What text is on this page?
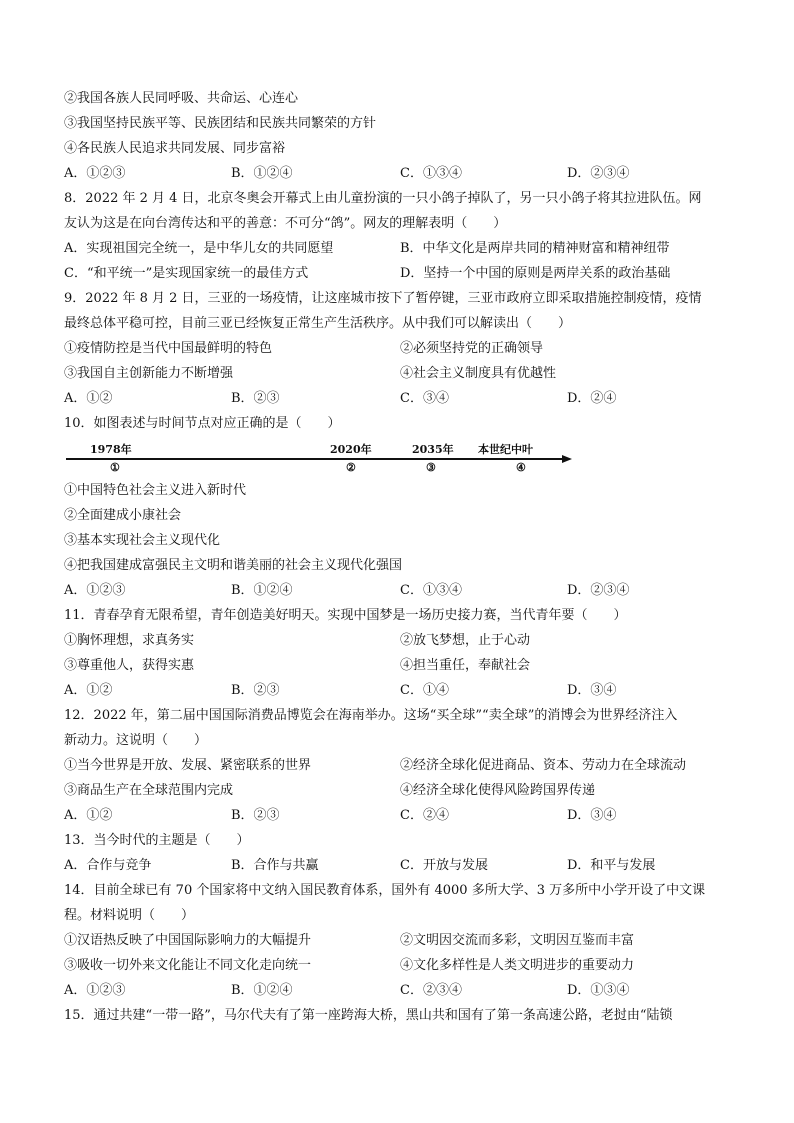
②我国各族人民同呼吸、共命运、心连心
③我国坚持民族平等、民族团结和民族共同繁荣的方针
④各民族人民追求共同发展、同步富裕
A．①②③	B．①②④	C．①③④	D．②③④
8．2022 年 2 月 4 日，北京冬奥会开幕式上由儿童扮演的一只小鸽子掉队了，另一只小鸽子将其拉进队伍。网
友认为这是在向台湾传达和平的善意：不可分“鸽”。网友的理解表明（　　）
A．实现祖国完全统一，是中华儿女的共同愿望	B．中华文化是两岸共同的精神财富和精神纽带
C．“和平统一”是实现国家统一的最佳方式	D．坚持一个中国的原则是两岸关系的政治基础
9．2022 年 8 月 2 日，三亚的一场疫情，让这座城市按下了暂停键，三亚市政府立即采取措施控制疫情，疫情
最终总体平稳可控，目前三亚已经恢复正常生产生活秩序。从中我们可以解读出（　　）
①疫情防控是当代中国最鲜明的特色	②必须坚持党的正确领导
③我国自主创新能力不断增强	④社会主义制度具有优越性
A．①②	B．②③	C．③④	D．②④
10．如图表述与时间节点对应正确的是（　　）
1978年	2020年	2035年 本世纪中叶
①	②	③	④
①中国特色社会主义进入新时代
②全面建成小康社会
③基本实现社会主义现代化
④把我国建成富强民主文明和谐美丽的社会主义现代化强国
A．①②③	B．①②④	C．①③④	D．②③④
11．青春孕育无限希望，青年创造美好明天。实现中国梦是一场历史接力赛，当代青年要（　　）
①胸怀理想，求真务实	②放飞梦想，止于心动
③尊重他人，获得实惠	④担当重任，奉献社会
A．①②	B．②③	C．①④	D．③④
12．2022 年，第二届中国国际消费品博览会在海南举办。这场“买全球”“卖全球”的消博会为世界经济注入
新动力。这说明（　　）
①当今世界是开放、发展、紧密联系的世界	②经济全球化促进商品、资本、劳动力在全球流动
③商品生产在全球范围内完成	④经济全球化使得风险跨国界传递
A．①②	B．②③	C．②④	D．③④
13．当今时代的主题是（　　）
A．合作与竞争	B．合作与共赢	C．开放与发展	D．和平与发展
14．目前全球已有 70 个国家将中文纳入国民教育体系，国外有 4000 多所大学、3 万多所中小学开设了中文课
程。材料说明（　　）
①汉语热反映了中国国际影响力的大幅提升	②文明因交流而多彩，文明因互鉴而丰富
③吸收一切外来文化能让不同文化走向统一	④文化多样性是人类文明进步的重要动力
A．①②③	B．①②④	C．②③④	D．①③④
15．通过共建“一带一路”，马尔代夫有了第一座跨海大桥，黑山共和国有了第一条高速公路，老挝由“陆锁
